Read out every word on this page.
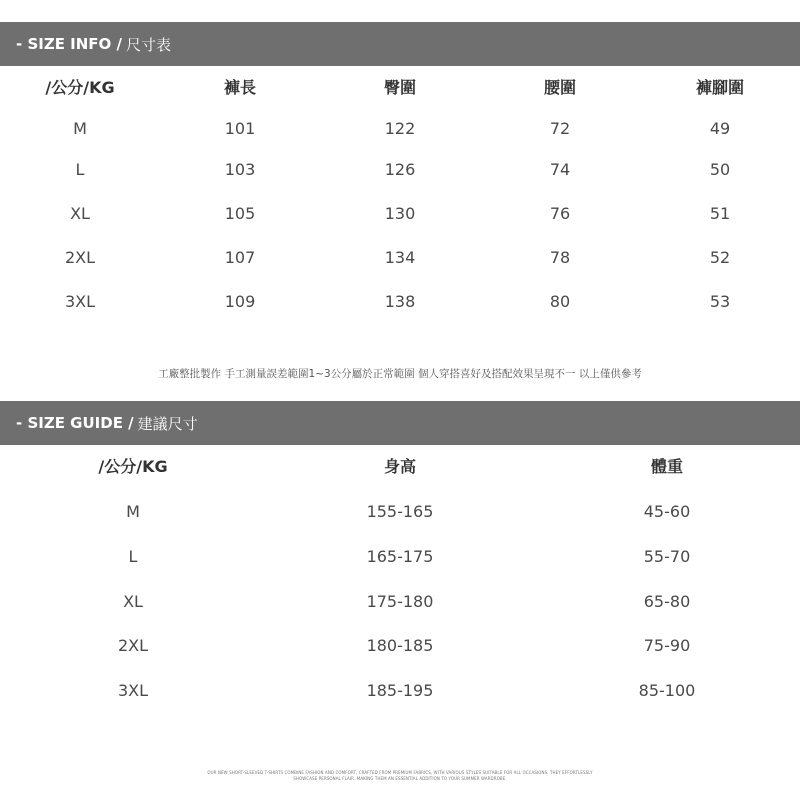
- SIZE INFO / 尺寸表
/公分/KG	褲長	臀圍	腰圍	褲腳圍
M	101	122	72	49
L	103	126	74	50
XL	105	130	76	51
2XL	107	134	78	52
3XL	109	138	80	53
工廠整批製作 手工測量誤差範圍1~3公分屬於正常範圍 個人穿搭喜好及搭配效果呈現不一 以上僅供參考
- SIZE GUIDE / 建議尺寸
/公分/KG	身高	體重
M	155-165	45-60
L	165-175	55-70
XL	175-180	65-80
2XL	180-185	75-90
3XL	185-195	85-100
OUR NEW SHORT-SLEEVED T-SHIRTS COMBINE FASHION AND COMFORT, CRAFTED FROM PREMIUM FABRICS, WITH VARIOUS STYLES SUITABLE FOR ALL OCCASIONS. THEY EFFORTLESSLY SHOWCASE PERSONAL FLAIR, MAKING THEM AN ESSENTIAL ADDITION TO YOUR SUMMER WARDROBE.
